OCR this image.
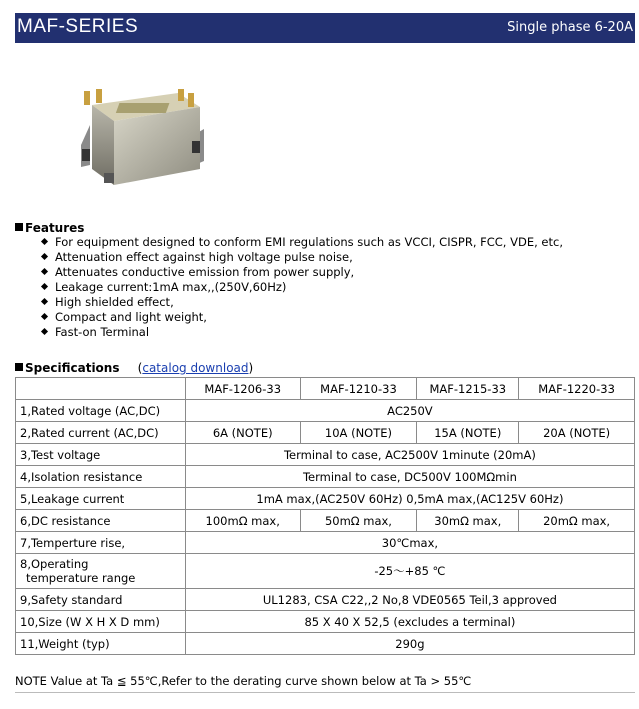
MAF-SERIES	Single phase 6-20A
Features
For equipment designed to conform EMI regulations such as VCCI, CISPR, FCC, VDE, etc,
Attenuation effect against high voltage pulse noise,
Attenuates conductive emission from power supply,
Leakage current:1mA max,,(250V,60Hz)
High shielded effect,
Compact and light weight,
Fast-on Terminal
Specifications (catalog download)
	MAF-1206-33	MAF-1210-33	MAF-1215-33	MAF-1220-33
1,Rated voltage (AC,DC)	AC250V			
2,Rated current (AC,DC)	6A (NOTE)	10A (NOTE)	15A (NOTE)	20A (NOTE)
3,Test voltage	Terminal to case, AC2500V 1minute (20mA)			
4,Isolation resistance	Terminal to case, DC500V 100MΩmin			
5,Leakage current	1mA max,(AC250V 60Hz) 0,5mA max,(AC125V 60Hz)			
6,DC resistance	100mΩ max,	50mΩ max,	30mΩ max,	20mΩ max,
7,Temperture rise,	30℃max,			
8,Operating
temperature range	-25～+85 ℃			
9,Safety standard	UL1283, CSA C22,,2 No,8 VDE0565 Teil,3 approved			
10,Size (W X H X D mm)	85 X 40 X 52,5 (excludes a terminal)			
11,Weight (typ)	290g			
NOTE Value at Ta ≦ 55℃,Refer to the derating curve shown below at Ta > 55℃
